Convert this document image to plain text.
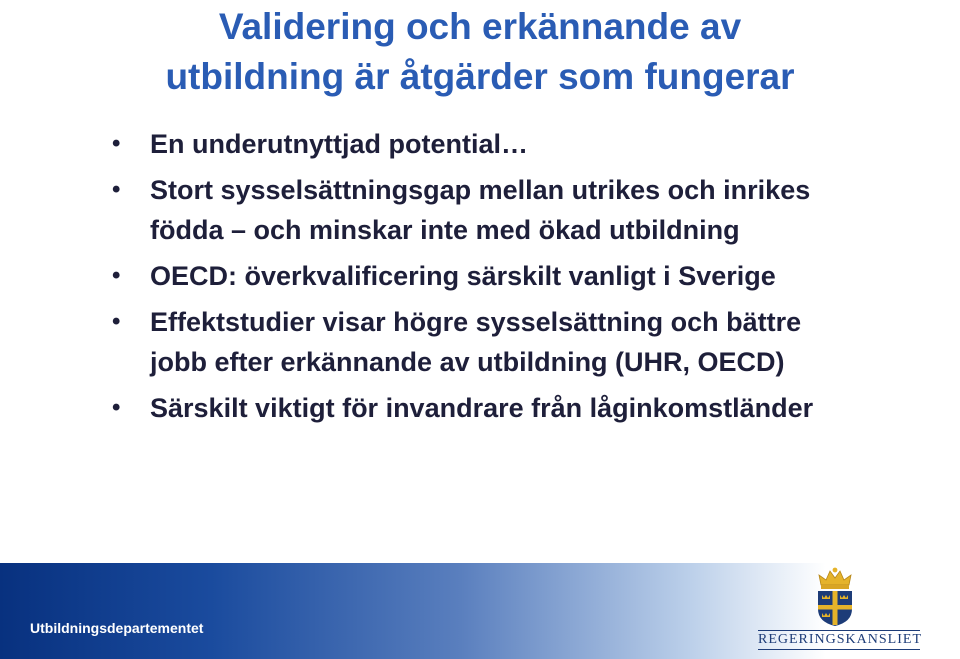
Validering och erkännande av
utbildning är åtgärder som fungerar
• En underutnyttjad potential…
• Stort sysselsättningsgap mellan utrikes och inrikes
födda – och minskar inte med ökad utbildning
• OECD: överkvalificering särskilt vanligt i Sverige
• Effektstudier visar högre sysselsättning och bättre
jobb efter erkännande av utbildning (UHR, OECD)
• Särskilt viktigt för invandrare från låginkomstländer
Utbildningsdepartementet
REGERINGSKANSLIET
